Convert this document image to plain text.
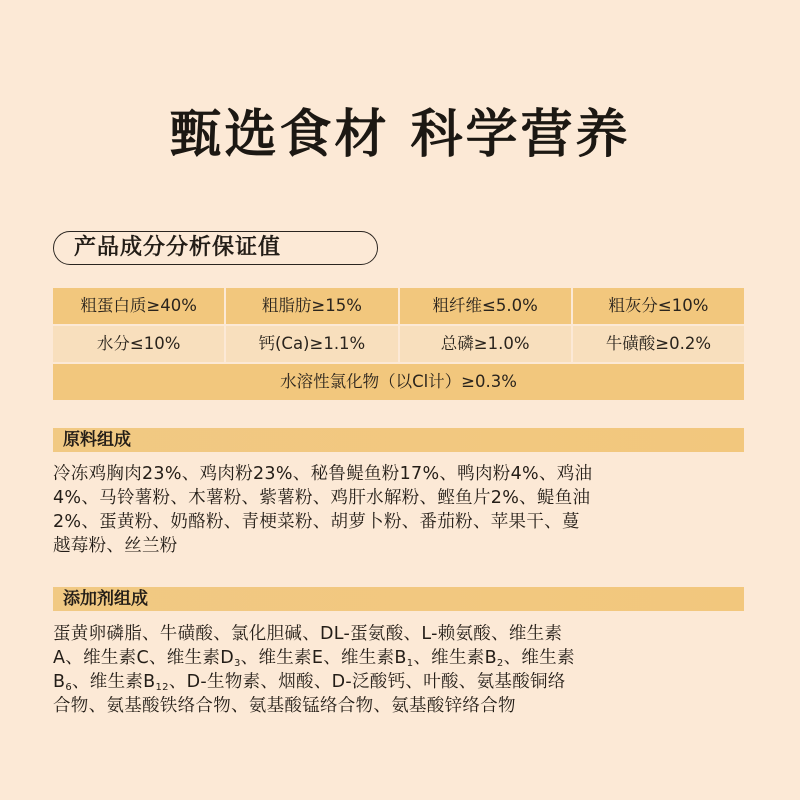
甄选食材 科学营养
产品成分分析保证值
粗蛋白质≥40%	粗脂肪≥15%	粗纤维≤5.0%	粗灰分≤10%
水分≤10%	钙(Ca)≥1.1%	总磷≥1.0%	牛磺酸≥0.2%
水溶性氯化物（以Cl计）≥0.3%
原料组成
冷冻鸡胸肉23%、鸡肉粉23%、秘鲁鳀鱼粉17%、鸭肉粉4%、鸡油
4%、马铃薯粉、木薯粉、紫薯粉、鸡肝水解粉、鲣鱼片2%、鳀鱼油
2%、蛋黄粉、奶酪粉、青梗菜粉、胡萝卜粉、番茄粉、苹果干、蔓
越莓粉、丝兰粉
添加剂组成
蛋黄卵磷脂、牛磺酸、氯化胆碱、DL-蛋氨酸、L-赖氨酸、维生素
A、维生素C、维生素$D_3$、维生素E、维生素$B_1$、维生素$B_2$、维生素
$B_6$、维生素$B_{12}$、D-生物素、烟酸、D-泛酸钙、叶酸、氨基酸铜络
合物、氨基酸铁络合物、氨基酸锰络合物、氨基酸锌络合物
